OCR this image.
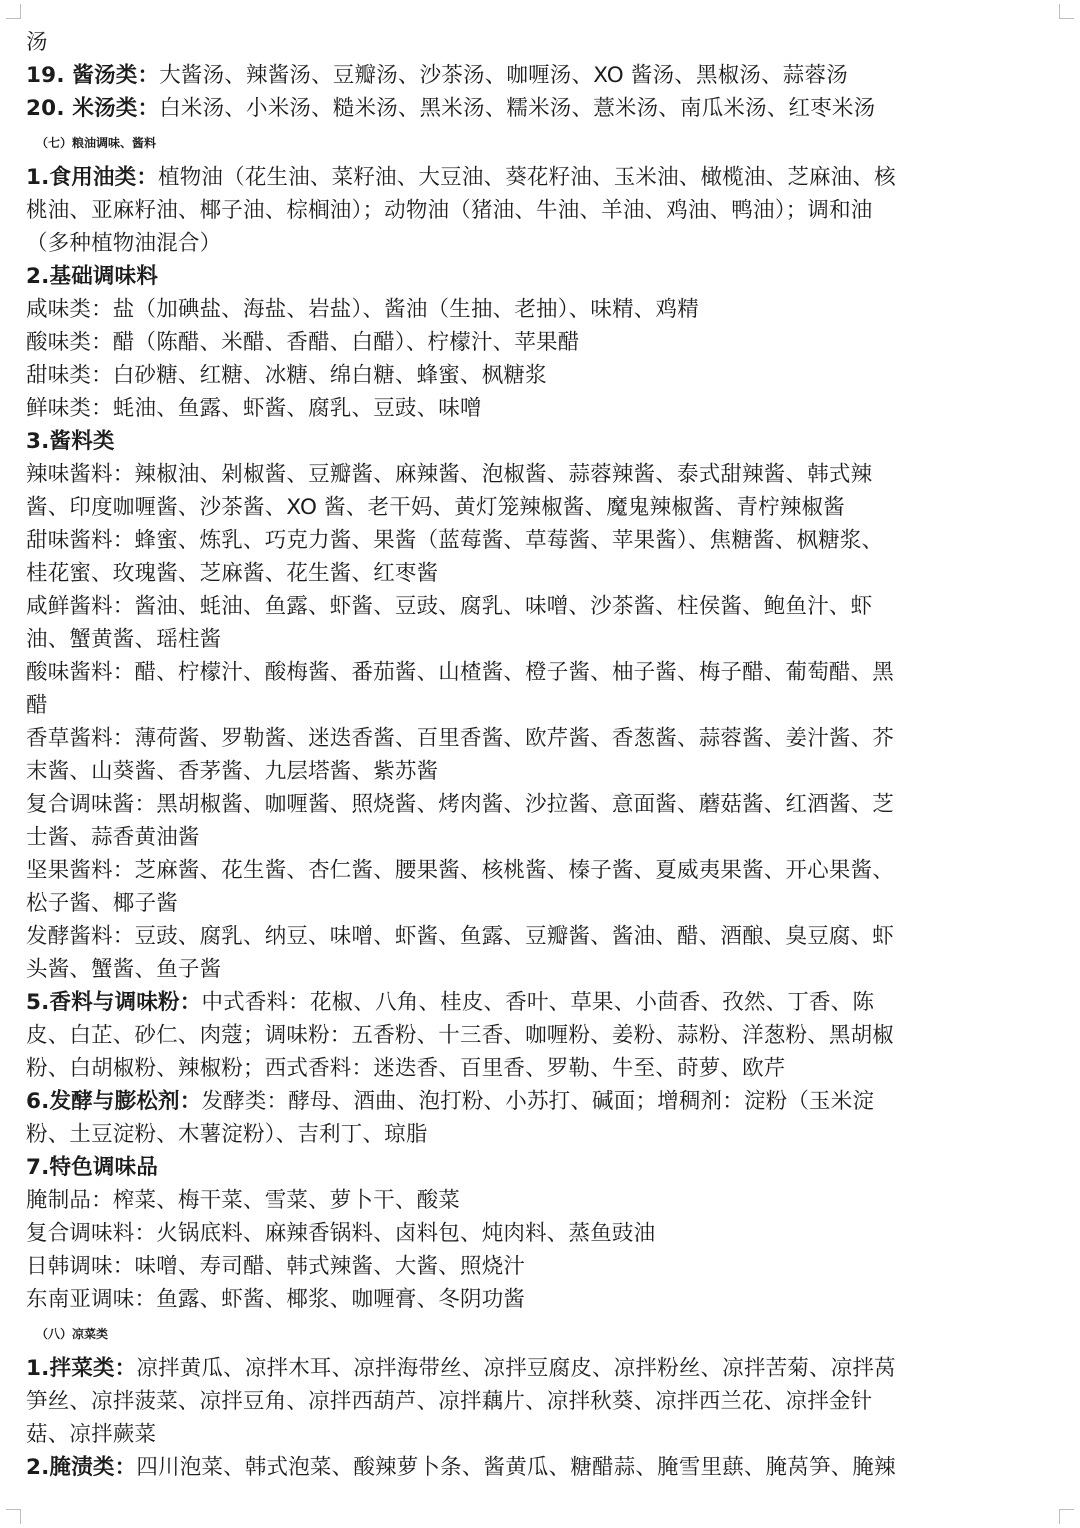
汤
19. 酱汤类：大酱汤、辣酱汤、豆瓣汤、沙茶汤、咖喱汤、XO 酱汤、黑椒汤、蒜蓉汤
20. 米汤类：白米汤、小米汤、糙米汤、黑米汤、糯米汤、薏米汤、南瓜米汤、红枣米汤
（七）粮油调味、酱料
1.食用油类：植物油（花生油、菜籽油、大豆油、葵花籽油、玉米油、橄榄油、芝麻油、核
桃油、亚麻籽油、椰子油、棕榈油）；动物油（猪油、牛油、羊油、鸡油、鸭油）；调和油
（多种植物油混合）
2.基础调味料
咸味类：盐（加碘盐、海盐、岩盐）、酱油（生抽、老抽）、味精、鸡精
酸味类：醋（陈醋、米醋、香醋、白醋）、柠檬汁、苹果醋
甜味类：白砂糖、红糖、冰糖、绵白糖、蜂蜜、枫糖浆
鲜味类：蚝油、鱼露、虾酱、腐乳、豆豉、味噌
3.酱料类
辣味酱料：辣椒油、剁椒酱、豆瓣酱、麻辣酱、泡椒酱、蒜蓉辣酱、泰式甜辣酱、韩式辣
酱、印度咖喱酱、沙茶酱、XO 酱、老干妈、黄灯笼辣椒酱、魔鬼辣椒酱、青柠辣椒酱
甜味酱料：蜂蜜、炼乳、巧克力酱、果酱（蓝莓酱、草莓酱、苹果酱）、焦糖酱、枫糖浆、
桂花蜜、玫瑰酱、芝麻酱、花生酱、红枣酱
咸鲜酱料：酱油、蚝油、鱼露、虾酱、豆豉、腐乳、味噌、沙茶酱、柱侯酱、鲍鱼汁、虾
油、蟹黄酱、瑶柱酱
酸味酱料：醋、柠檬汁、酸梅酱、番茄酱、山楂酱、橙子酱、柚子酱、梅子醋、葡萄醋、黑
醋
香草酱料：薄荷酱、罗勒酱、迷迭香酱、百里香酱、欧芹酱、香葱酱、蒜蓉酱、姜汁酱、芥
末酱、山葵酱、香茅酱、九层塔酱、紫苏酱
复合调味酱：黑胡椒酱、咖喱酱、照烧酱、烤肉酱、沙拉酱、意面酱、蘑菇酱、红酒酱、芝
士酱、蒜香黄油酱
坚果酱料：芝麻酱、花生酱、杏仁酱、腰果酱、核桃酱、榛子酱、夏威夷果酱、开心果酱、
松子酱、椰子酱
发酵酱料：豆豉、腐乳、纳豆、味噌、虾酱、鱼露、豆瓣酱、酱油、醋、酒酿、臭豆腐、虾
头酱、蟹酱、鱼子酱
5.香料与调味粉：中式香料：花椒、八角、桂皮、香叶、草果、小茴香、孜然、丁香、陈
皮、白芷、砂仁、肉蔻；调味粉：五香粉、十三香、咖喱粉、姜粉、蒜粉、洋葱粉、黑胡椒
粉、白胡椒粉、辣椒粉；西式香料：迷迭香、百里香、罗勒、牛至、莳萝、欧芹
6.发酵与膨松剂：发酵类：酵母、酒曲、泡打粉、小苏打、碱面；增稠剂：淀粉（玉米淀
粉、土豆淀粉、木薯淀粉）、吉利丁、琼脂
7.特色调味品
腌制品：榨菜、梅干菜、雪菜、萝卜干、酸菜
复合调味料：火锅底料、麻辣香锅料、卤料包、炖肉料、蒸鱼豉油
日韩调味：味噌、寿司醋、韩式辣酱、大酱、照烧汁
东南亚调味：鱼露、虾酱、椰浆、咖喱膏、冬阴功酱
（八）凉菜类
1.拌菜类：凉拌黄瓜、凉拌木耳、凉拌海带丝、凉拌豆腐皮、凉拌粉丝、凉拌苦菊、凉拌莴
笋丝、凉拌菠菜、凉拌豆角、凉拌西葫芦、凉拌藕片、凉拌秋葵、凉拌西兰花、凉拌金针
菇、凉拌蕨菜
2.腌渍类：四川泡菜、韩式泡菜、酸辣萝卜条、酱黄瓜、糖醋蒜、腌雪里蕻、腌莴笋、腌辣
